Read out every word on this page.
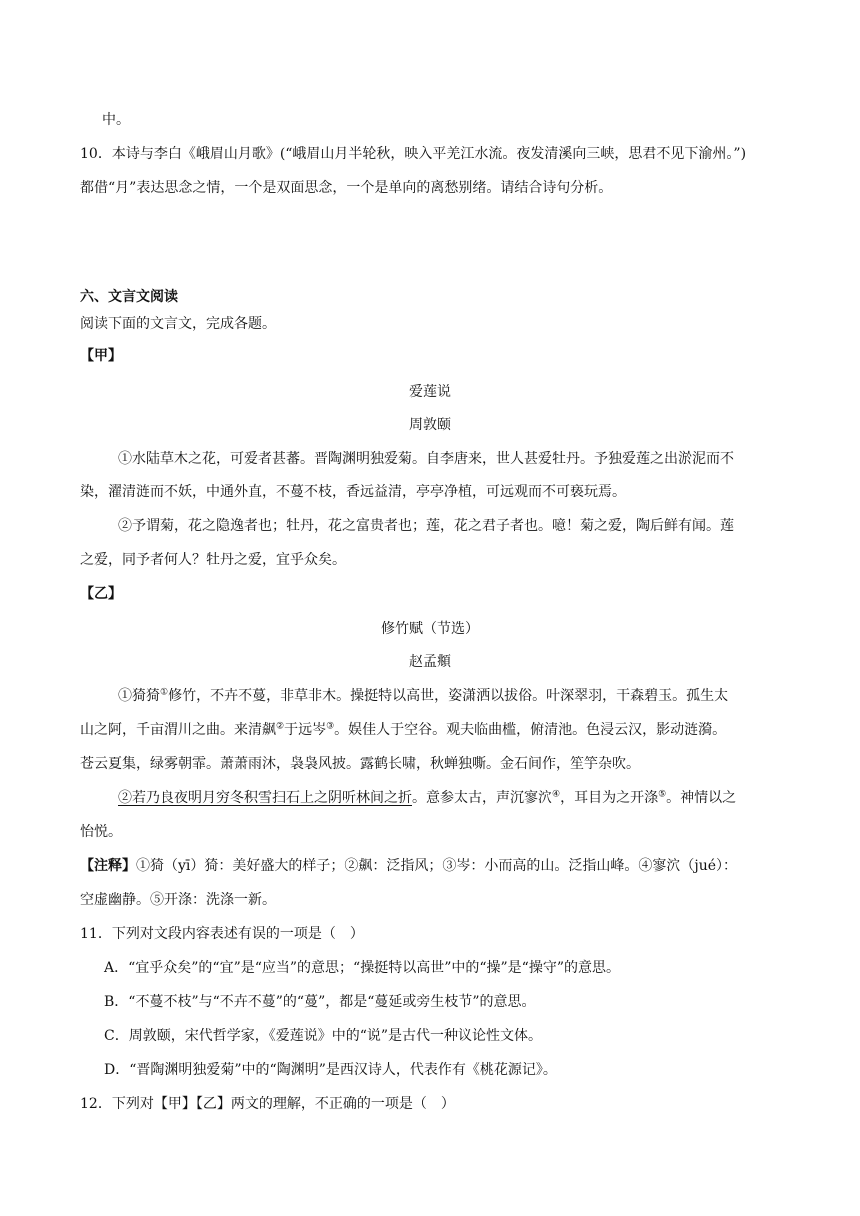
中。
10．本诗与李白《峨眉山月歌》(“峨眉山月半轮秋，映入平羌江水流。夜发清溪向三峡，思君不见下渝州。”)
都借“月”表达思念之情，一个是双面思念，一个是单向的离愁别绪。请结合诗句分析。
六、文言文阅读
阅读下面的文言文，完成各题。
【甲】
爱莲说
周敦颐
①水陆草木之花，可爱者甚蕃。晋陶渊明独爱菊。自李唐来，世人甚爱牡丹。予独爱莲之出淤泥而不
染，濯清涟而不妖，中通外直，不蔓不枝，香远益清，亭亭净植，可远观而不可亵玩焉。
②予谓菊，花之隐逸者也；牡丹，花之富贵者也；莲，花之君子者也。噫！菊之爱，陶后鲜有闻。莲
之爱，同予者何人？牡丹之爱，宜乎众矣。
【乙】
修竹赋（节选）
赵孟頫
①猗猗①修竹，不卉不蔓，非草非木。操挺特以高世，姿潇洒以拔俗。叶深翠羽，干森碧玉。孤生太
山之阿，千亩渭川之曲。来清飙②于远岑③。娱佳人于空谷。观夫临曲槛，俯清池。色浸云汉，影动涟漪。
苍云夏集，绿雾朝霏。萧萧雨沐，袅袅风披。露鹤长啸，秋蝉独嘶。金石间作，笙竽杂吹。
②若乃良夜明月穷冬积雪扫石上之阴听林间之折。意参太古，声沉寥泬④，耳目为之开涤⑤。神情以之
怡悦。
【注释】①猗（yī）猗：美好盛大的样子；②飙：泛指风；③岑：小而高的山。泛指山峰。④寥泬（jué）：
空虚幽静。⑤开涤：洗涤一新。
11．下列对文段内容表述有误的一项是（　）
A．“宜乎众矣”的“宜”是“应当”的意思；“操挺特以高世”中的“操”是“操守”的意思。
B．“不蔓不枝”与“不卉不蔓”的“蔓”，都是“蔓延或旁生枝节”的意思。
C．周敦颐，宋代哲学家，《爱莲说》中的“说”是古代一种议论性文体。
D．“晋陶渊明独爱菊”中的“陶渊明”是西汉诗人，代表作有《桃花源记》。
12．下列对【甲】【乙】两文的理解，不正确的一项是（　）
